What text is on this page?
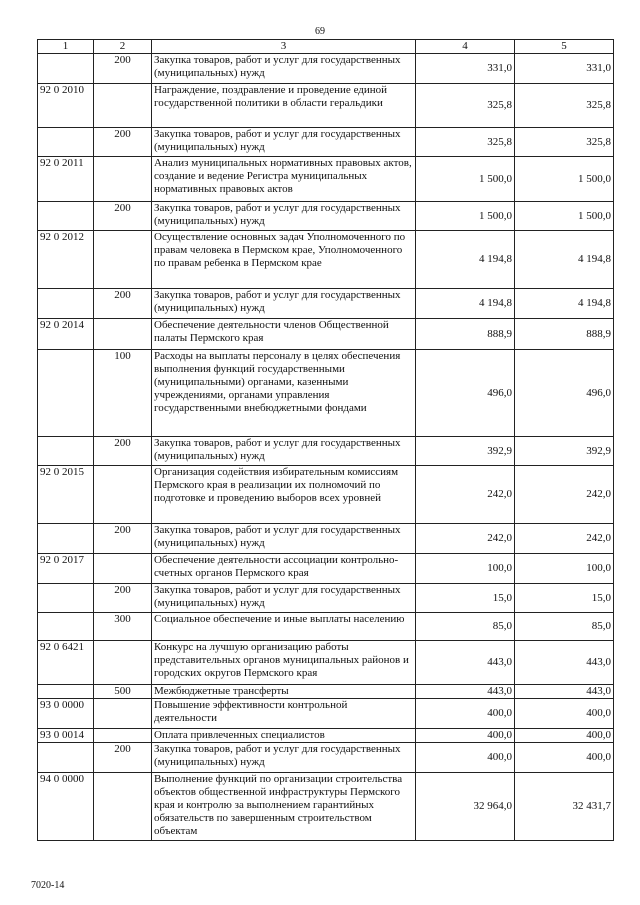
69
1	2	3	4	5
	200	Закупка товаров, работ и услуг для государственных (муниципальных) нужд	331,0	331,0
92 0 2010		Награждение, поздравление и проведение единой государственной политики в области геральдики	325,8	325,8
	200	Закупка товаров, работ и услуг для государственных (муниципальных) нужд	325,8	325,8
92 0 2011		Анализ муниципальных нормативных правовых актов, создание и ведение Регистра муниципальных нормативных правовых актов	1 500,0	1 500,0
	200	Закупка товаров, работ и услуг для государственных (муниципальных) нужд	1 500,0	1 500,0
92 0 2012		Осуществление основных задач Уполномоченного по правам человека в Пермском крае, Уполномоченного по правам ребенка в Пермском крае	4 194,8	4 194,8
	200	Закупка товаров, работ и услуг для государственных (муниципальных) нужд	4 194,8	4 194,8
92 0 2014		Обеспечение деятельности членов Общественной палаты Пермского края	888,9	888,9
	100	Расходы на выплаты персоналу в целях обеспечения выполнения функций государственными (муниципальными) органами, казенными учреждениями, органами управления государственными внебюджетными фондами	496,0	496,0
	200	Закупка товаров, работ и услуг для государственных (муниципальных) нужд	392,9	392,9
92 0 2015		Организация содействия избирательным комиссиям Пермского края в реализации их полномочий по подготовке и проведению выборов всех уровней	242,0	242,0
	200	Закупка товаров, работ и услуг для государственных (муниципальных) нужд	242,0	242,0
92 0 2017		Обеспечение деятельности ассоциации контрольно-счетных органов Пермского края	100,0	100,0
	200	Закупка товаров, работ и услуг для государственных (муниципальных) нужд	15,0	15,0
	300	Социальное обеспечение и иные выплаты населению	85,0	85,0
92 0 6421		Конкурс на лучшую организацию работы представительных органов муниципальных районов и городских округов Пермского края	443,0	443,0
	500	Межбюджетные трансферты	443,0	443,0
93 0 0000		Повышение эффективности контрольной деятельности	400,0	400,0
93 0 0014		Оплата привлеченных специалистов	400,0	400,0
	200	Закупка товаров, работ и услуг для государственных (муниципальных) нужд	400,0	400,0
94 0 0000		Выполнение функций по организации строительства объектов общественной инфраструктуры Пермского края и контролю за выполнением гарантийных обязательств по завершенным строительством объектам	32 964,0	32 431,7
7020-14
